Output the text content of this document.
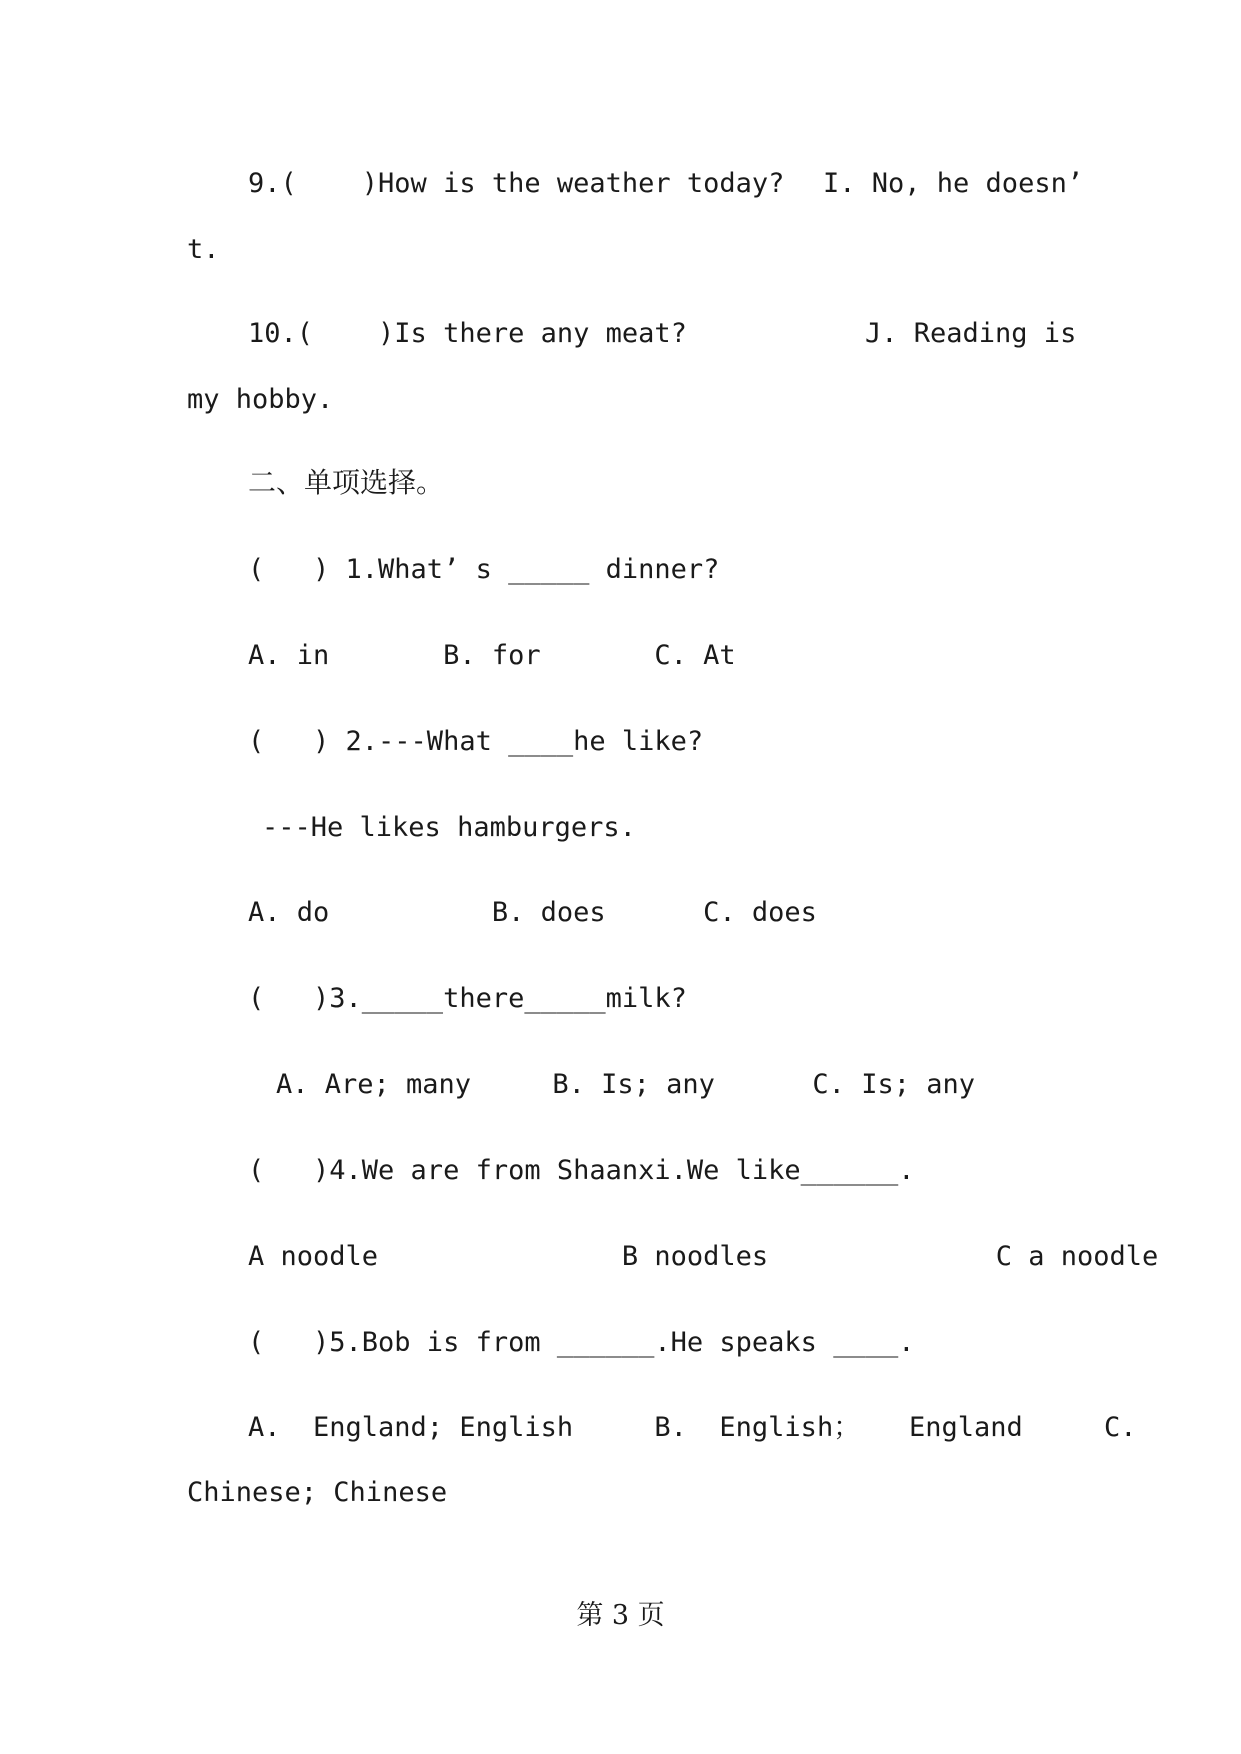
9.(    )How is the weather today? I. No, he doesn’
t.
10.(    )Is there any meat?	J. Reading is
my hobby.
二、单项选择。
(   ) 1.What’ s _____ dinner?
A. in       B. for       C. At
(   ) 2.---What ____he like?
---He likes hamburgers.
A. do          B. does      C. does
(   )3._____there_____milk?
A. Are; many     B. Is; any      C. Is; any
(   )4.We are from Shaanxi.We like______.
A noodle               B noodles              C a noodle
(   )5.Bob is from ______.He speaks ____.
A.  England; English     B.  English；   England     C.
Chinese; Chinese
第 3 页
